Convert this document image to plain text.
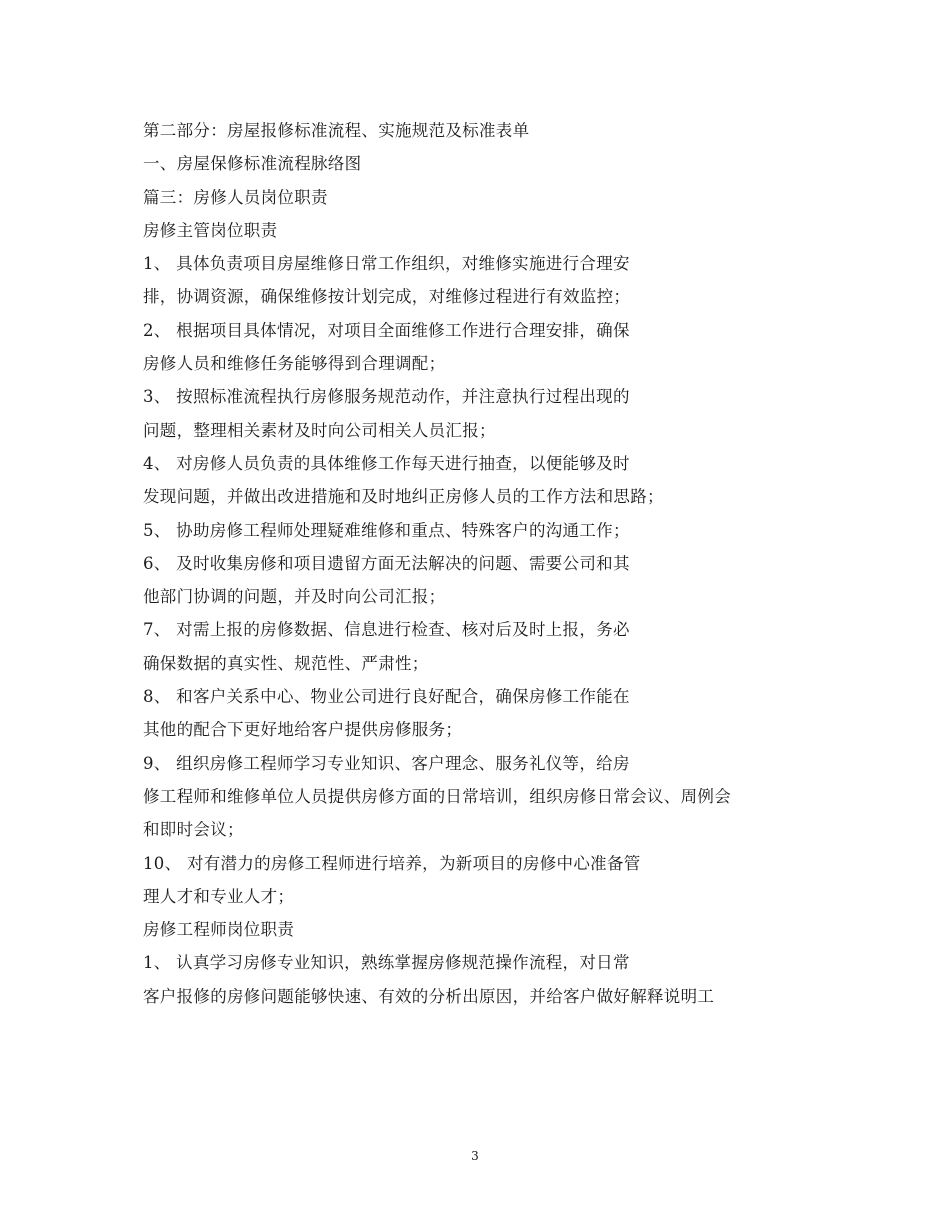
第二部分：房屋报修标准流程、实施规范及标准表单
一、房屋保修标准流程脉络图
篇三：房修人员岗位职责
房修主管岗位职责
1、 具体负责项目房屋维修日常工作组织，对维修实施进行合理安
排，协调资源，确保维修按计划完成，对维修过程进行有效监控；
2、 根据项目具体情况，对项目全面维修工作进行合理安排，确保
房修人员和维修任务能够得到合理调配；
3、 按照标准流程执行房修服务规范动作，并注意执行过程出现的
问题，整理相关素材及时向公司相关人员汇报；
4、 对房修人员负责的具体维修工作每天进行抽查，以便能够及时
发现问题，并做出改进措施和及时地纠正房修人员的工作方法和思路；
5、 协助房修工程师处理疑难维修和重点、特殊客户的沟通工作；
6、 及时收集房修和项目遗留方面无法解决的问题、需要公司和其
他部门协调的问题，并及时向公司汇报；
7、 对需上报的房修数据、信息进行检查、核对后及时上报，务必
确保数据的真实性、规范性、严肃性；
8、 和客户关系中心、物业公司进行良好配合，确保房修工作能在
其他的配合下更好地给客户提供房修服务；
9、 组织房修工程师学习专业知识、客户理念、服务礼仪等，给房
修工程师和维修单位人员提供房修方面的日常培训，组织房修日常会议、周例会
和即时会议；
10、 对有潜力的房修工程师进行培养，为新项目的房修中心准备管
理人才和专业人才；
房修工程师岗位职责
1、 认真学习房修专业知识，熟练掌握房修规范操作流程，对日常
客户报修的房修问题能够快速、有效的分析出原因，并给客户做好解释说明工
3
